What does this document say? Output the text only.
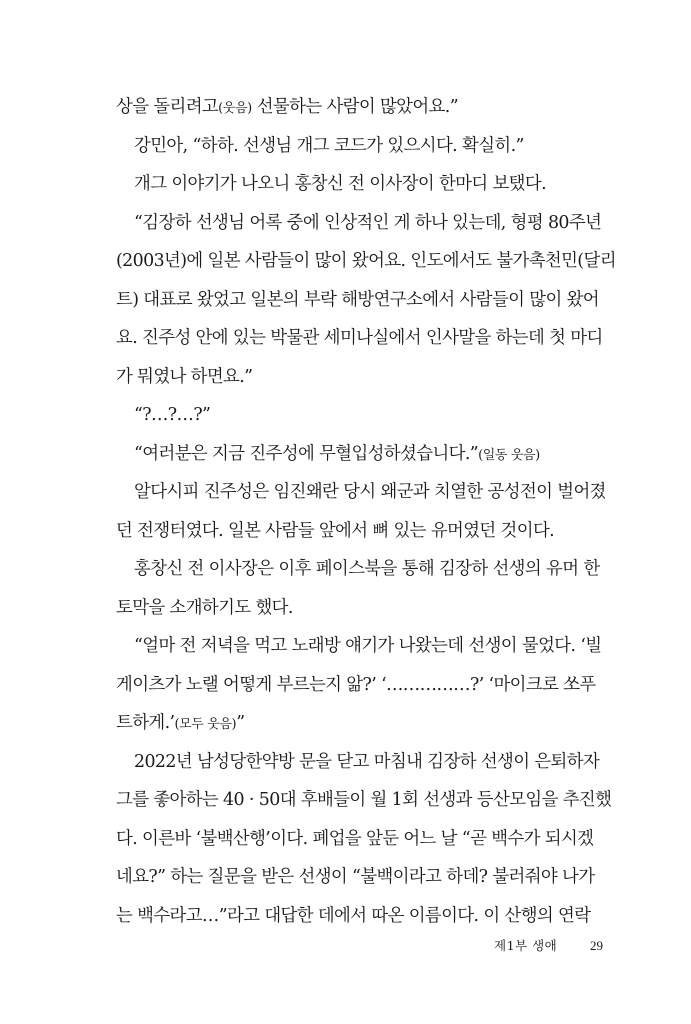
상을 돌리려고(웃음) 선물하는 사람이 많았어요.”
강민아, “하하. 선생님 개그 코드가 있으시다. 확실히.”
개그 이야기가 나오니 홍창신 전 이사장이 한마디 보탰다.
“김장하 선생님 어록 중에 인상적인 게 하나 있는데, 형평 80주년
(2003년)에 일본 사람들이 많이 왔어요. 인도에서도 불가촉천민(달리
트) 대표로 왔었고 일본의 부락 해방연구소에서 사람들이 많이 왔어
요. 진주성 안에 있는 박물관 세미나실에서 인사말을 하는데 첫 마디
가 뭐였나 하면요.”
“?…?…?”
“여러분은 지금 진주성에 무혈입성하셨습니다.”(일동 웃음)
알다시피 진주성은 임진왜란 당시 왜군과 치열한 공성전이 벌어졌
던 전쟁터였다. 일본 사람들 앞에서 뼈 있는 유머였던 것이다.
홍창신 전 이사장은 이후 페이스북을 통해 김장하 선생의 유머 한
토막을 소개하기도 했다.
“얼마 전 저녁을 먹고 노래방 얘기가 나왔는데 선생이 물었다. ‘빌
게이츠가 노랠 어떻게 부르는지 앎?’ ‘……………?’ ‘마이크로 쏘푸
트하게.’(모두 웃음)”
2022년 남성당한약방 문을 닫고 마침내 김장하 선생이 은퇴하자
그를 좋아하는 40 · 50대 후배들이 월 1회 선생과 등산모임을 추진했
다. 이른바 ‘불백산행’이다. 폐업을 앞둔 어느 날 “곧 백수가 되시겠
네요?” 하는 질문을 받은 선생이 “불백이라고 하데? 불러줘야 나가
는 백수라고…”라고 대답한 데에서 따온 이름이다. 이 산행의 연락
제1부 생애	29
